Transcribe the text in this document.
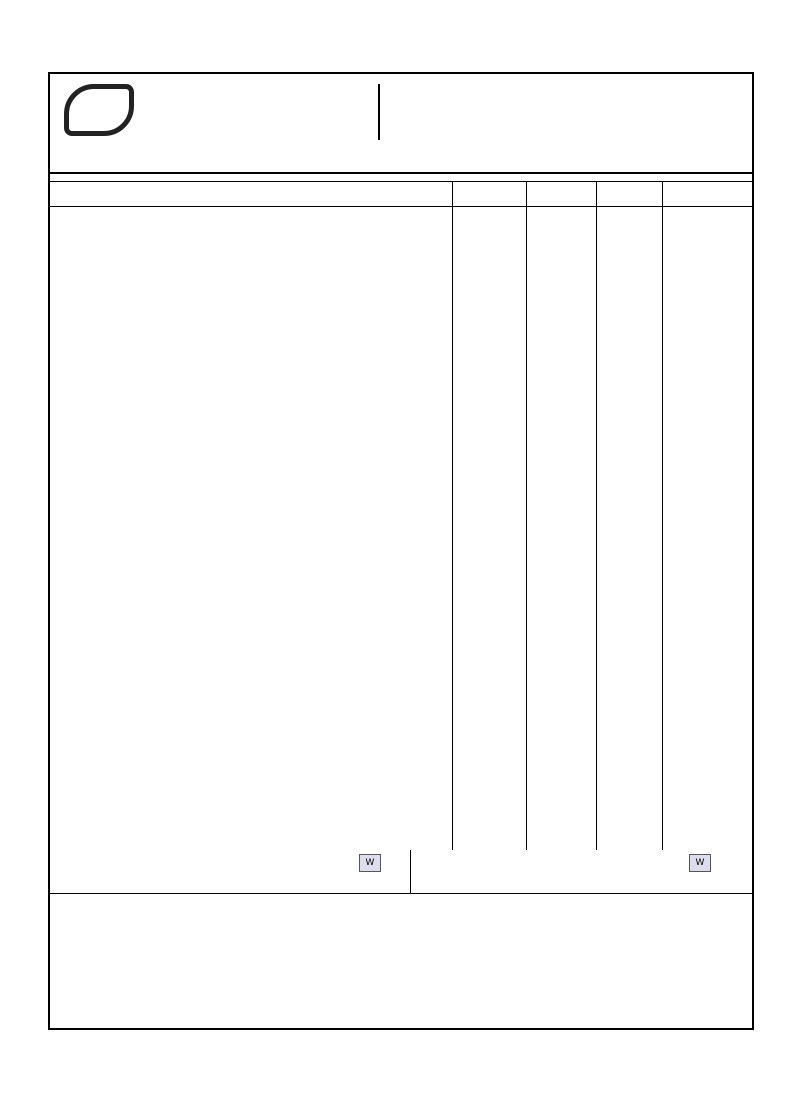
W	W
